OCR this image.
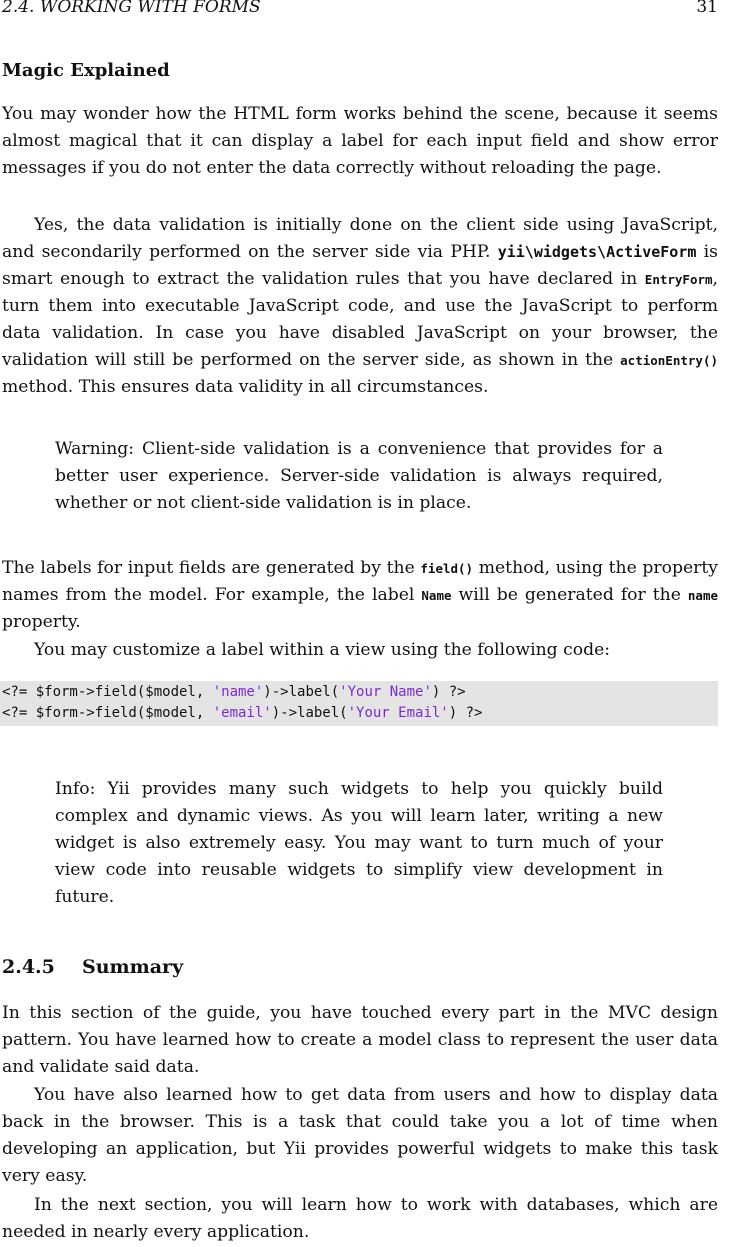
2.4. WORKING WITH FORMS	31
Magic Explained
You may wonder how the HTML form works behind the scene, because it seems almost magical that it can display a label for each input field and show error messages if you do not enter the data correctly without reloading the page.
Yes, the data validation is initially done on the client side using JavaScript, and secondarily performed on the server side via PHP. yii\widgets\ActiveForm is smart enough to extract the validation rules that you have declared in EntryForm, turn them into executable JavaScript code, and use the JavaScript to perform data validation. In case you have disabled JavaScript on your browser, the validation will still be performed on the server side, as shown in the actionEntry() method. This ensures data validity in all circumstances.
Warning: Client-side validation is a convenience that provides for a better user experience. Server-side validation is always required, whether or not client-side validation is in place.
The labels for input fields are generated by the field() method, using the property names from the model. For example, the label Name will be generated for the name property.
You may customize a label within a view using the following code:
<?= $form->field($model, 'name')->label('Your Name') ?>
<?= $form->field($model, 'email')->label('Your Email') ?>
Info: Yii provides many such widgets to help you quickly build complex and dynamic views. As you will learn later, writing a new widget is also extremely easy. You may want to turn much of your view code into reusable widgets to simplify view development in future.
2.4.5 Summary
In this section of the guide, you have touched every part in the MVC design pattern. You have learned how to create a model class to represent the user data and validate said data.
You have also learned how to get data from users and how to display data back in the browser. This is a task that could take you a lot of time when developing an application, but Yii provides powerful widgets to make this task very easy.
In the next section, you will learn how to work with databases, which are needed in nearly every application.
